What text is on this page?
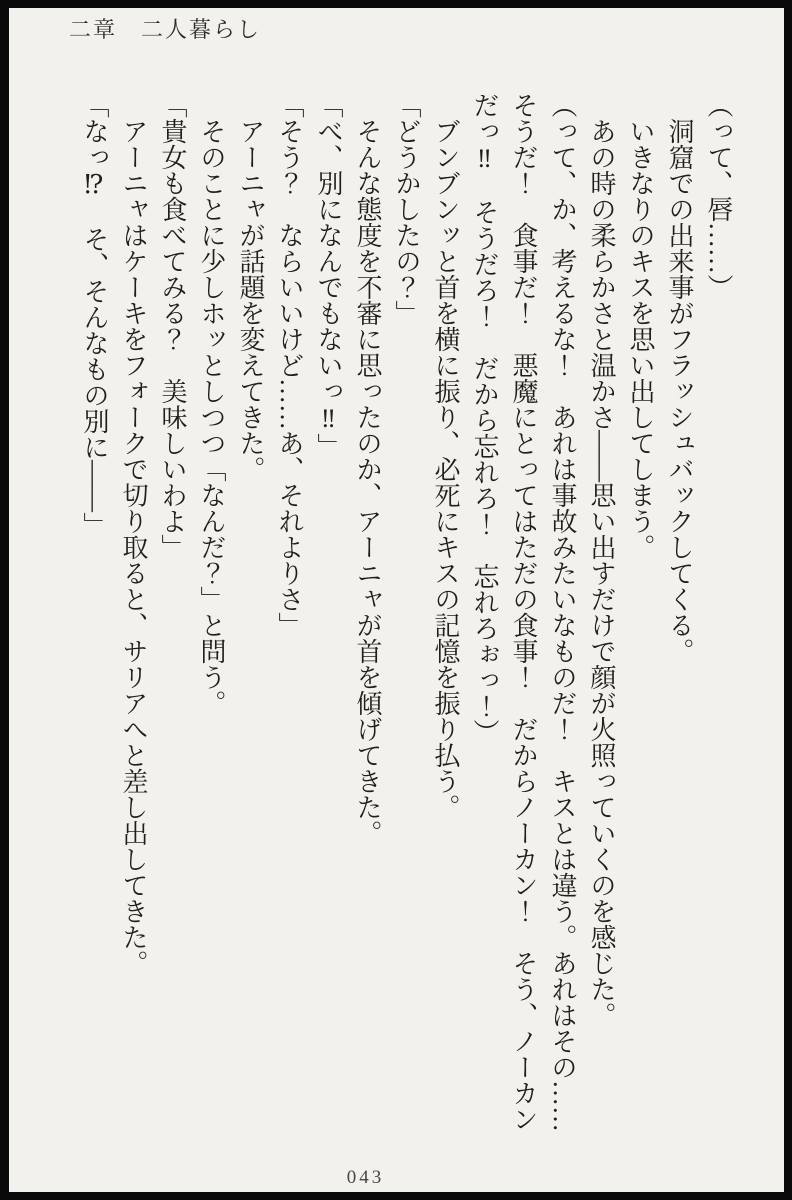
二章　二人暮らし

（って、唇……）

洞窟での出来事がフラッシュバックしてくる。

いきなりのキスを思い出してしまう。

あの時の柔らかさと温かさ——思い出すだけで顔が火照っていくのを感じた。

（って、か、考えるな！　あれは事故みたいなものだ！　キスとは違う。あれはその……そうだ！　食事だ！　悪魔にとってはただの食事！　だからノーカン！　そう、ノーカンだっ‼　そうだろ！　だから忘れろ！　忘れろぉっ！）

ブンブンッと首を横に振り、必死にキスの記憶を振り払う。

「どうかしたの？」

そんな態度を不審に思ったのか、アーニャが首を傾げてきた。

「べ、別になんでもないっ‼」

「そう？　ならいいけど……あ、それよりさ」

アーニャが話題を変えてきた。

そのことに少しホッとしつつ「なんだ？」と問う。

「貴女も食べてみる？　美味しいわよ」

アーニャはケーキをフォークで切り取ると、サリアへと差し出してきた。

「なっ⁉　そ、そんなもの別に——」

043
